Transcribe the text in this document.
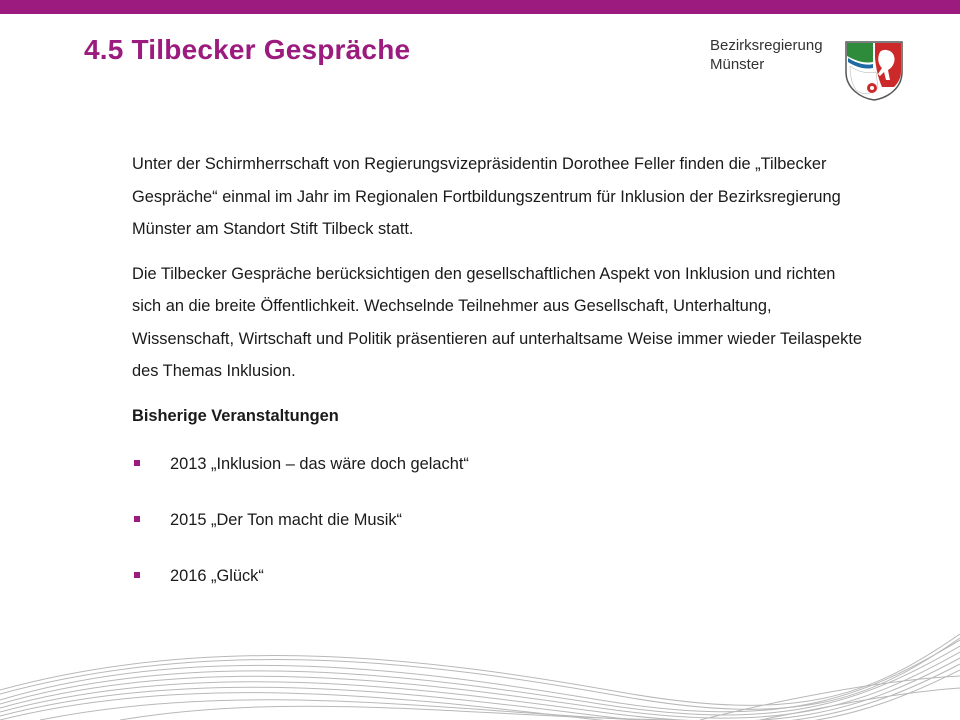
4.5 Tilbecker Gespräche	Bezirksregierung
Münster

Unter der Schirmherrschaft von Regierungsvizepräsidentin Dorothee Feller finden die „Tilbecker Gespräche“ einmal im Jahr im Regionalen Fortbildungszentrum für Inklusion der Bezirksregierung Münster am Standort Stift Tilbeck statt.

Die Tilbecker Gespräche berücksichtigen den gesellschaftlichen Aspekt von Inklusion und richten sich an die breite Öffentlichkeit. Wechselnde Teilnehmer aus Gesellschaft, Unterhaltung, Wissenschaft, Wirtschaft und Politik präsentieren auf unterhaltsame Weise immer wieder Teilaspekte des Themas Inklusion.

Bisherige Veranstaltungen
2013 „Inklusion – das wäre doch gelacht“
2015 „Der Ton macht die Musik“
2016 „Glück“
